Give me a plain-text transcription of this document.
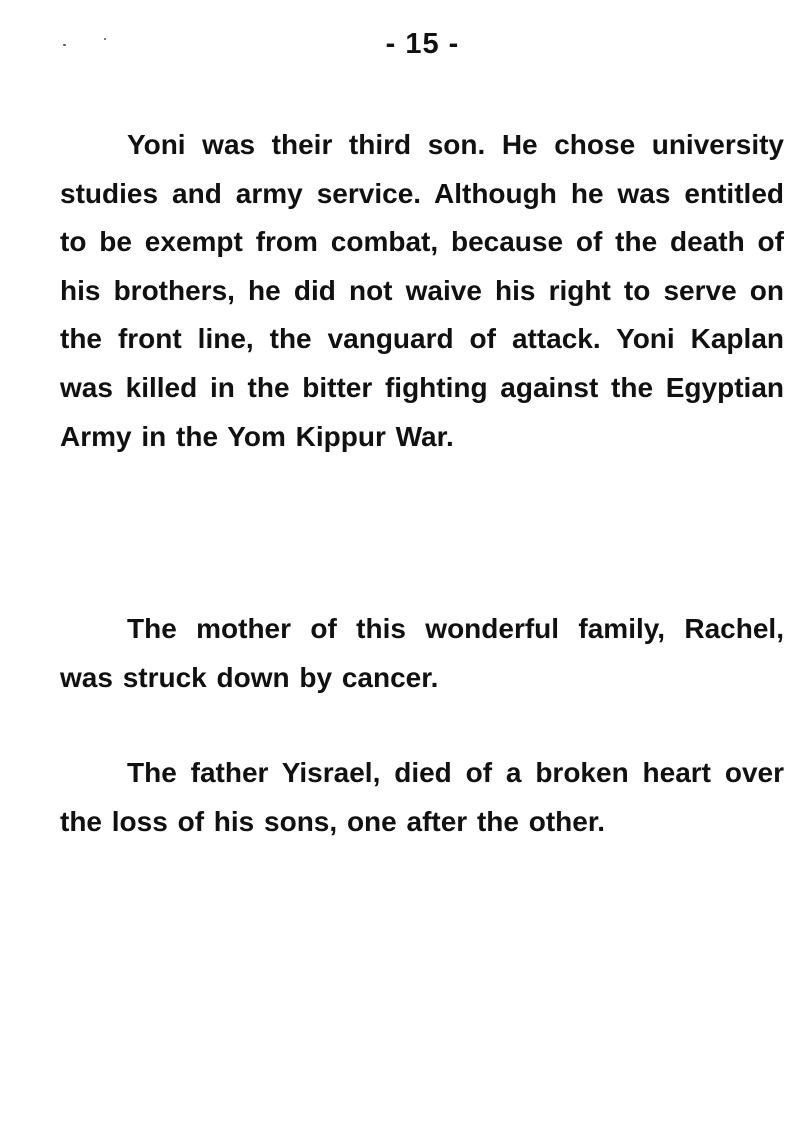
- 15 -

Yoni was their third son. He chose university studies and army service. Although he was entitled to be exempt from combat, because of the death of his brothers, he did not waive his right to serve on the front line, the vanguard of attack. Yoni Kaplan was killed in the bitter fighting against the Egyptian Army in the Yom Kippur War.

The mother of this wonderful family, Rachel, was struck down by cancer.

The father Yisrael, died of a broken heart over the loss of his sons, one after the other.
